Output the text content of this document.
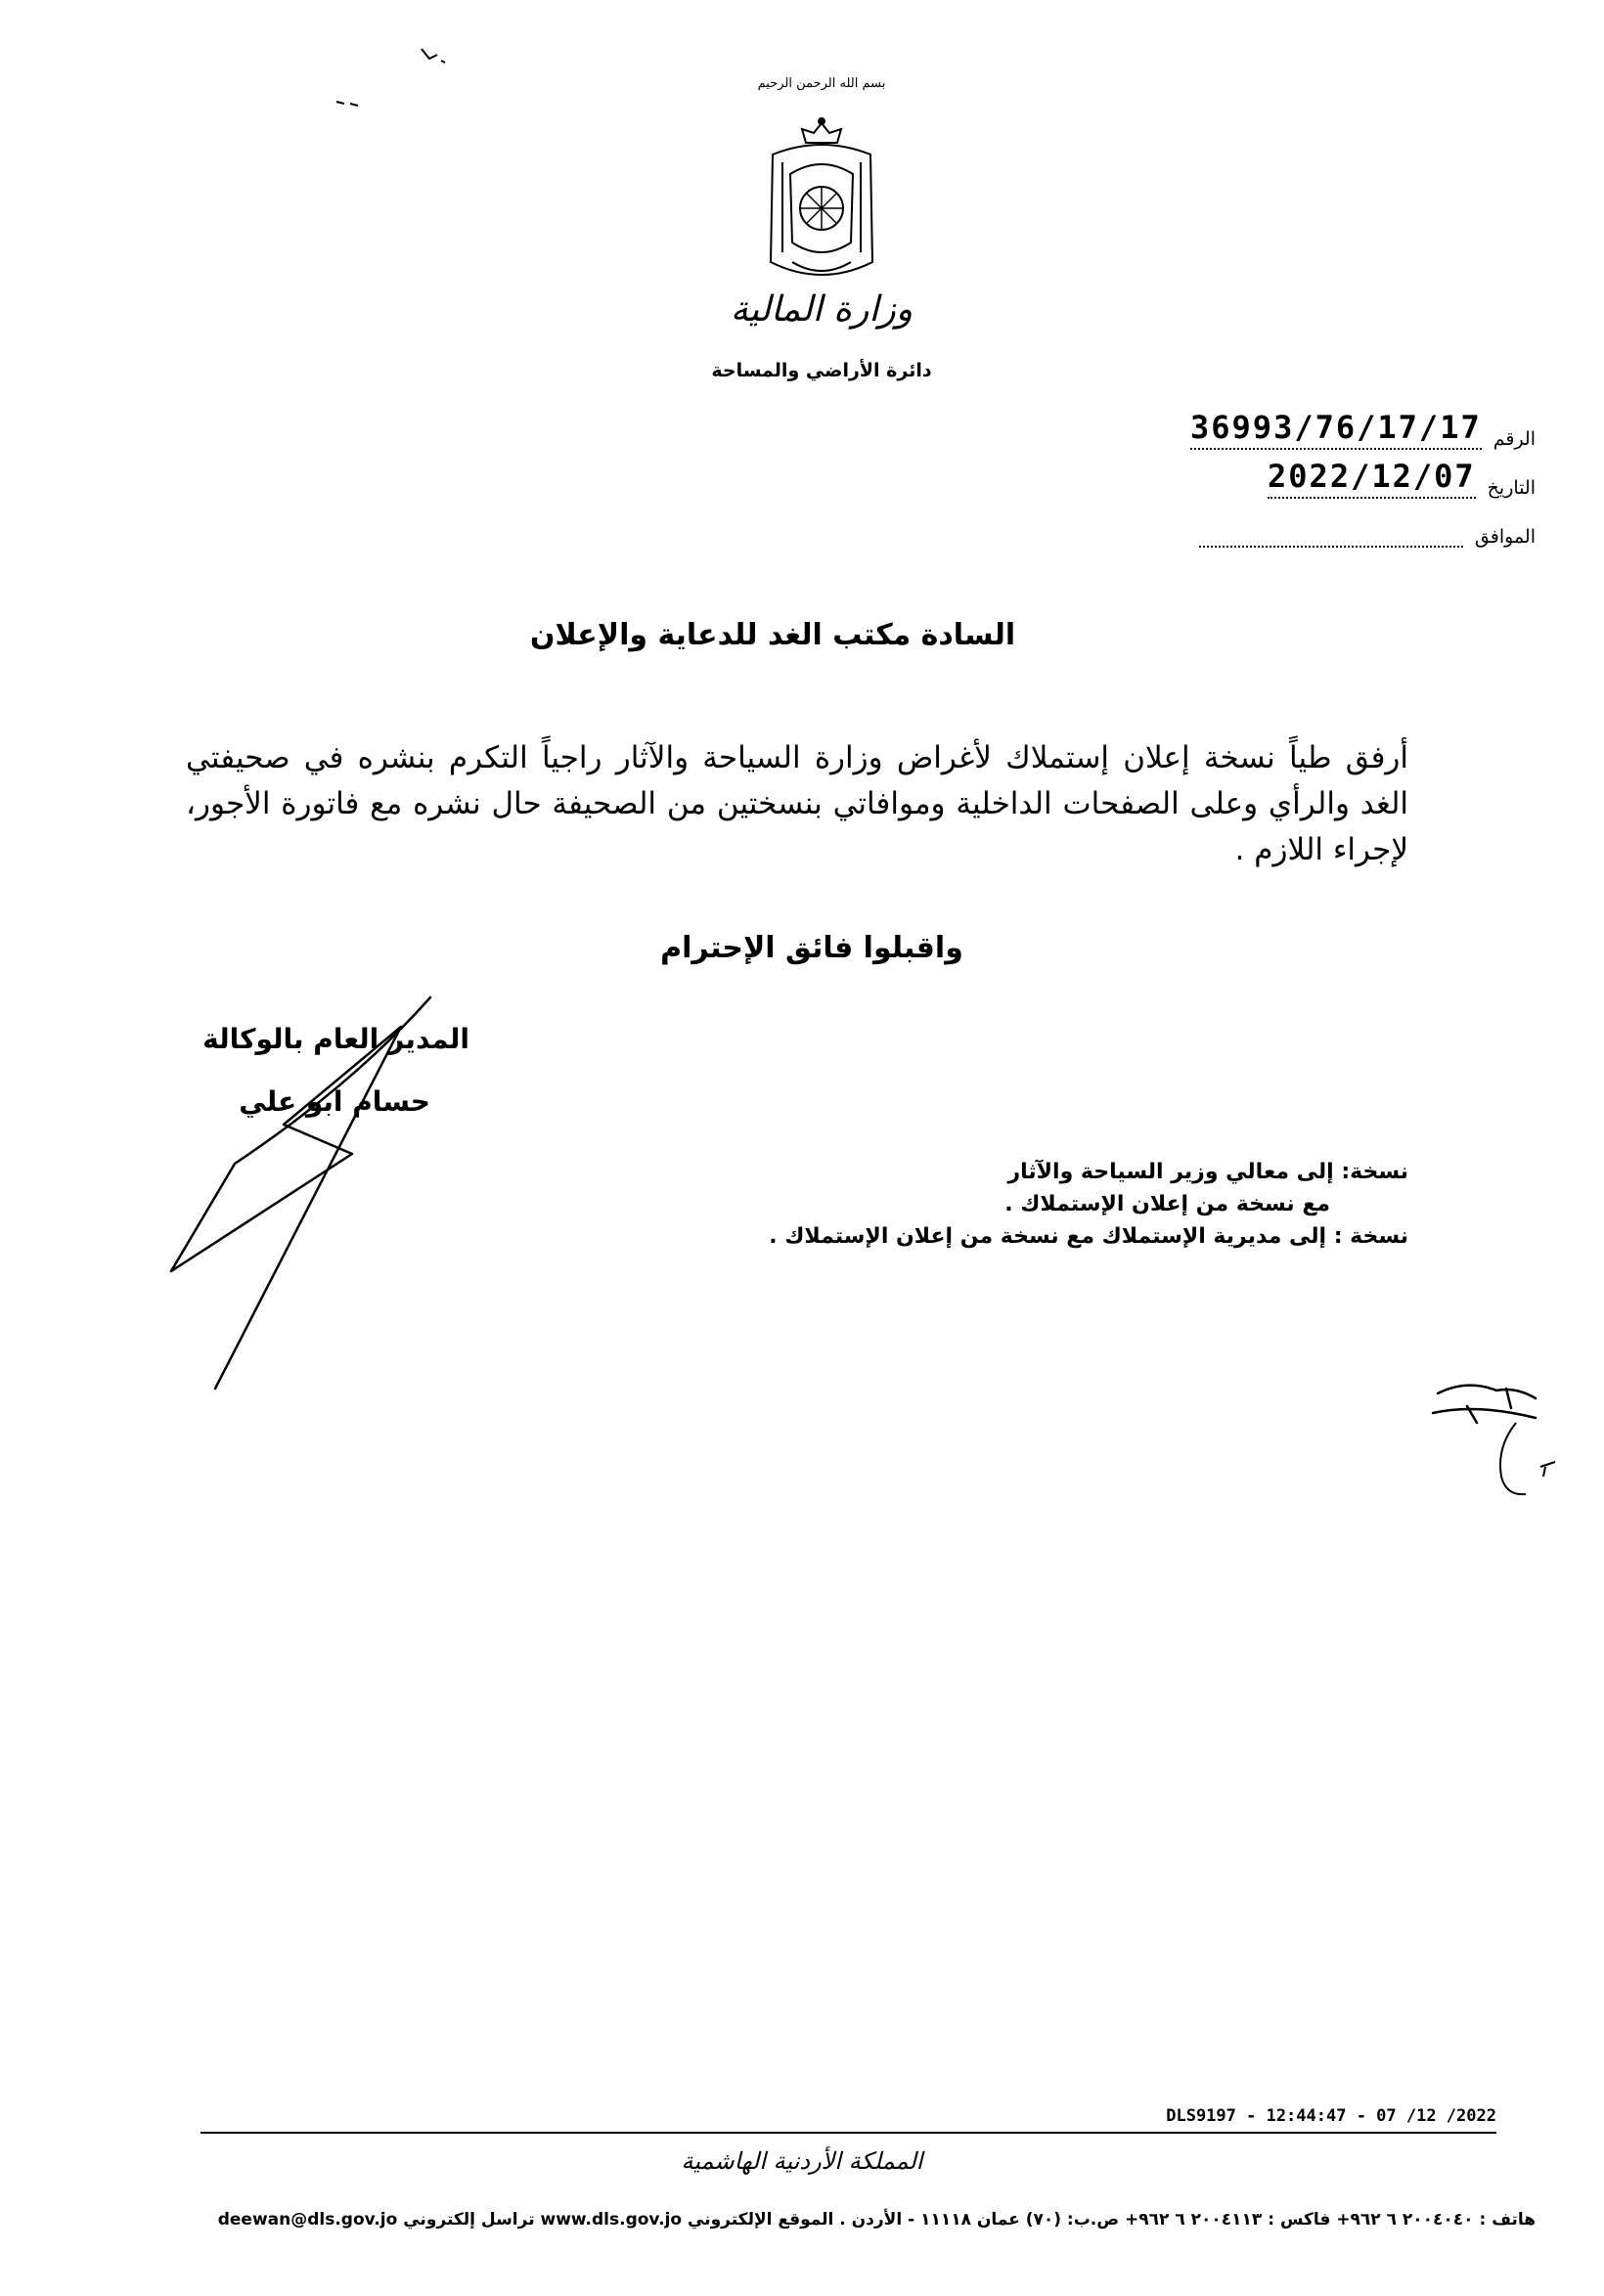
بسم الله الرحمن الرحيم
وزارة المالية
دائرة الأراضي والمساحة
الرقم
36993/76/17/17
التاريخ
2022/12/07
الموافق
السادة مكتب الغد للدعاية والإعلان
أرفق طياً نسخة إعلان إستملاك لأغراض وزارة السياحة والآثار راجياً التكرم بنشره في صحيفتي الغد والرأي وعلى الصفحات الداخلية وموافاتي بنسختين من الصحيفة حال نشره مع فاتورة الأجور، لإجراء اللازم .
واقبلوا فائق الإحترام
المدير العام بالوكالة
حسام ابو علي
نسخة: إلى معالي وزير السياحة والآثار
مع نسخة من إعلان الإستملاك .
نسخة : إلى مديرية الإستملاك مع نسخة من إعلان الإستملاك .
DLS9197 - 12:44:47 - 07 /12 /2022
المملكة الأردنية الهاشمية
هاتف : ٢٠٠٤٠٤٠ ٦ ٩٦٢+ فاكس : ٢٠٠٤١١٣ ٦ ٩٦٢+ ص.ب: (٧٠) عمان ١١١١٨ - الأردن . الموقع الإلكتروني www.dls.gov.jo تراسل إلكتروني deewan@dls.gov.jo
